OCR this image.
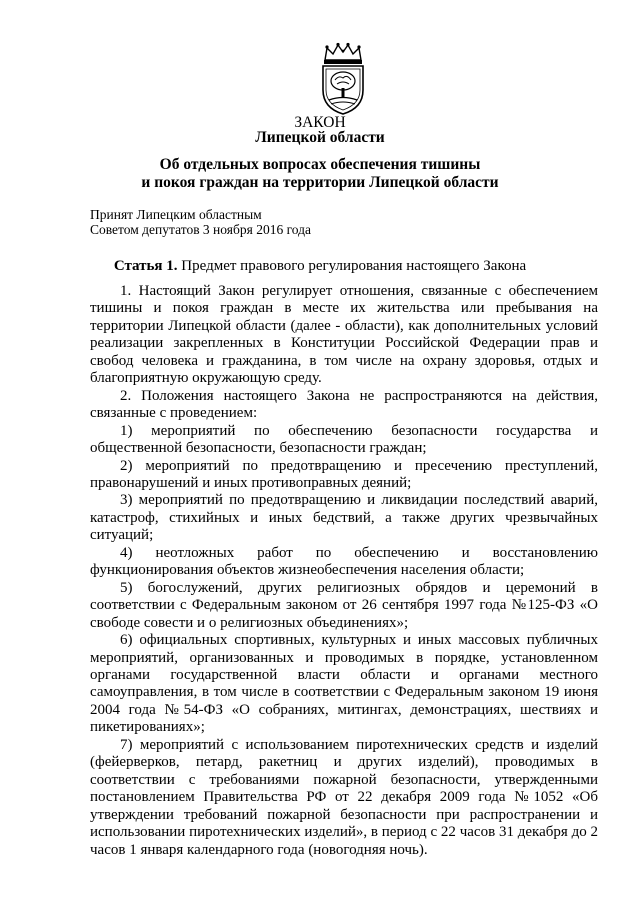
ЗАКОН
Липецкой области
Об отдельных вопросах обеспечения тишины
и покоя граждан на территории Липецкой области
Принят Липецким областным
Советом депутатов 3 ноября 2016 года
Статья 1. Предмет правового регулирования настоящего Закона

1. Настоящий Закон регулирует отношения, связанные с обеспечением тишины и покоя граждан в месте их жительства или пребывания на территории Липецкой области (далее - области), как дополнительных условий реализации закрепленных в Конституции Российской Федерации прав и свобод человека и гражданина, в том числе на охрану здоровья, отдых и благоприятную окружающую среду.

2. Положения настоящего Закона не распространяются на действия, связанные с проведением:

1) мероприятий по обеспечению безопасности государства и общественной безопасности, безопасности граждан;

2) мероприятий по предотвращению и пресечению преступлений, правонарушений и иных противоправных деяний;

3) мероприятий по предотвращению и ликвидации последствий аварий, катастроф, стихийных и иных бедствий, а также других чрезвычайных ситуаций;

4) неотложных работ по обеспечению и восстановлению функционирования объектов жизнеобеспечения населения области;

5) богослужений, других религиозных обрядов и церемоний в соответствии с Федеральным законом от 26 сентября 1997 года №125-ФЗ «О свободе совести и о религиозных объединениях»;

6) официальных спортивных, культурных и иных массовых публичных мероприятий, организованных и проводимых в порядке, установленном органами государственной власти области и органами местного самоуправления, в том числе в соответствии с Федеральным законом 19 июня 2004 года №54-ФЗ «О собраниях, митингах, демонстрациях, шествиях и пикетированиях»;

7) мероприятий с использованием пиротехнических средств и изделий (фейерверков, петард, ракетниц и других изделий), проводимых в соответствии с требованиями пожарной безопасности, утвержденными постановлением Правительства РФ от 22 декабря 2009 года №1052 «Об утверждении требований пожарной безопасности при распространении и использовании пиротехнических изделий», в период с 22 часов 31 декабря до 2 часов 1 января календарного года (новогодняя ночь).
